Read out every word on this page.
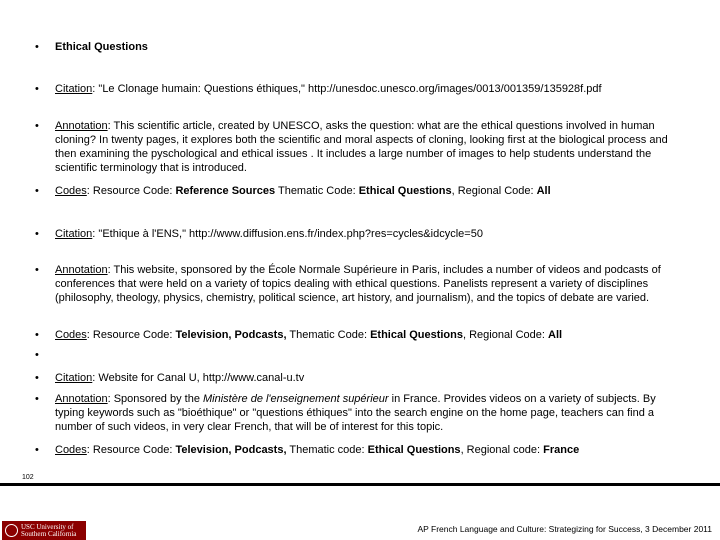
• Ethical Questions
• Citation: "Le Clonage humain: Questions éthiques," http://unesdoc.unesco.org/images/0013/001359/135928f.pdf
• Annotation: This scientific article, created by UNESCO, asks the question: what are the ethical questions involved in human cloning? In twenty pages, it explores both the scientific and moral aspects of cloning, looking first at the biological process and then examining the pyschological and ethical issues . It includes a large number of images to help students understand the scientific terminology that is introduced.
• Codes: Resource Code: Reference Sources Thematic Code: Ethical Questions, Regional Code: All
• Citation: "Ethique à l'ENS," http://www.diffusion.ens.fr/index.php?res=cycles&idcycle=50
• Annotation: This website, sponsored by the École Normale Supérieure in Paris, includes a number of videos and podcasts of conferences that were held on a variety of topics dealing with ethical questions. Panelists represent a variety of disciplines (philosophy, theology, physics, chemistry, political science, art history, and journalism), and the topics of debate are varied.
• Codes: Resource Code: Television, Podcasts, Thematic Code: Ethical Questions, Regional Code: All
•
• Citation: Website for Canal U, http://www.canal-u.tv
• Annotation: Sponsored by the Ministère de l'enseignement supérieur in France. Provides videos on a variety of subjects. By typing keywords such as "bioéthique" or "questions éthiques" into the search engine on the home page, teachers can find a number of such videos, in very clear French, that will be of interest for this topic.
• Codes: Resource Code: Television, Podcasts, Thematic code: Ethical Questions, Regional code: France
102
USC University of
Southern California	AP French Language and Culture: Strategizing for Success, 3 December 2011
